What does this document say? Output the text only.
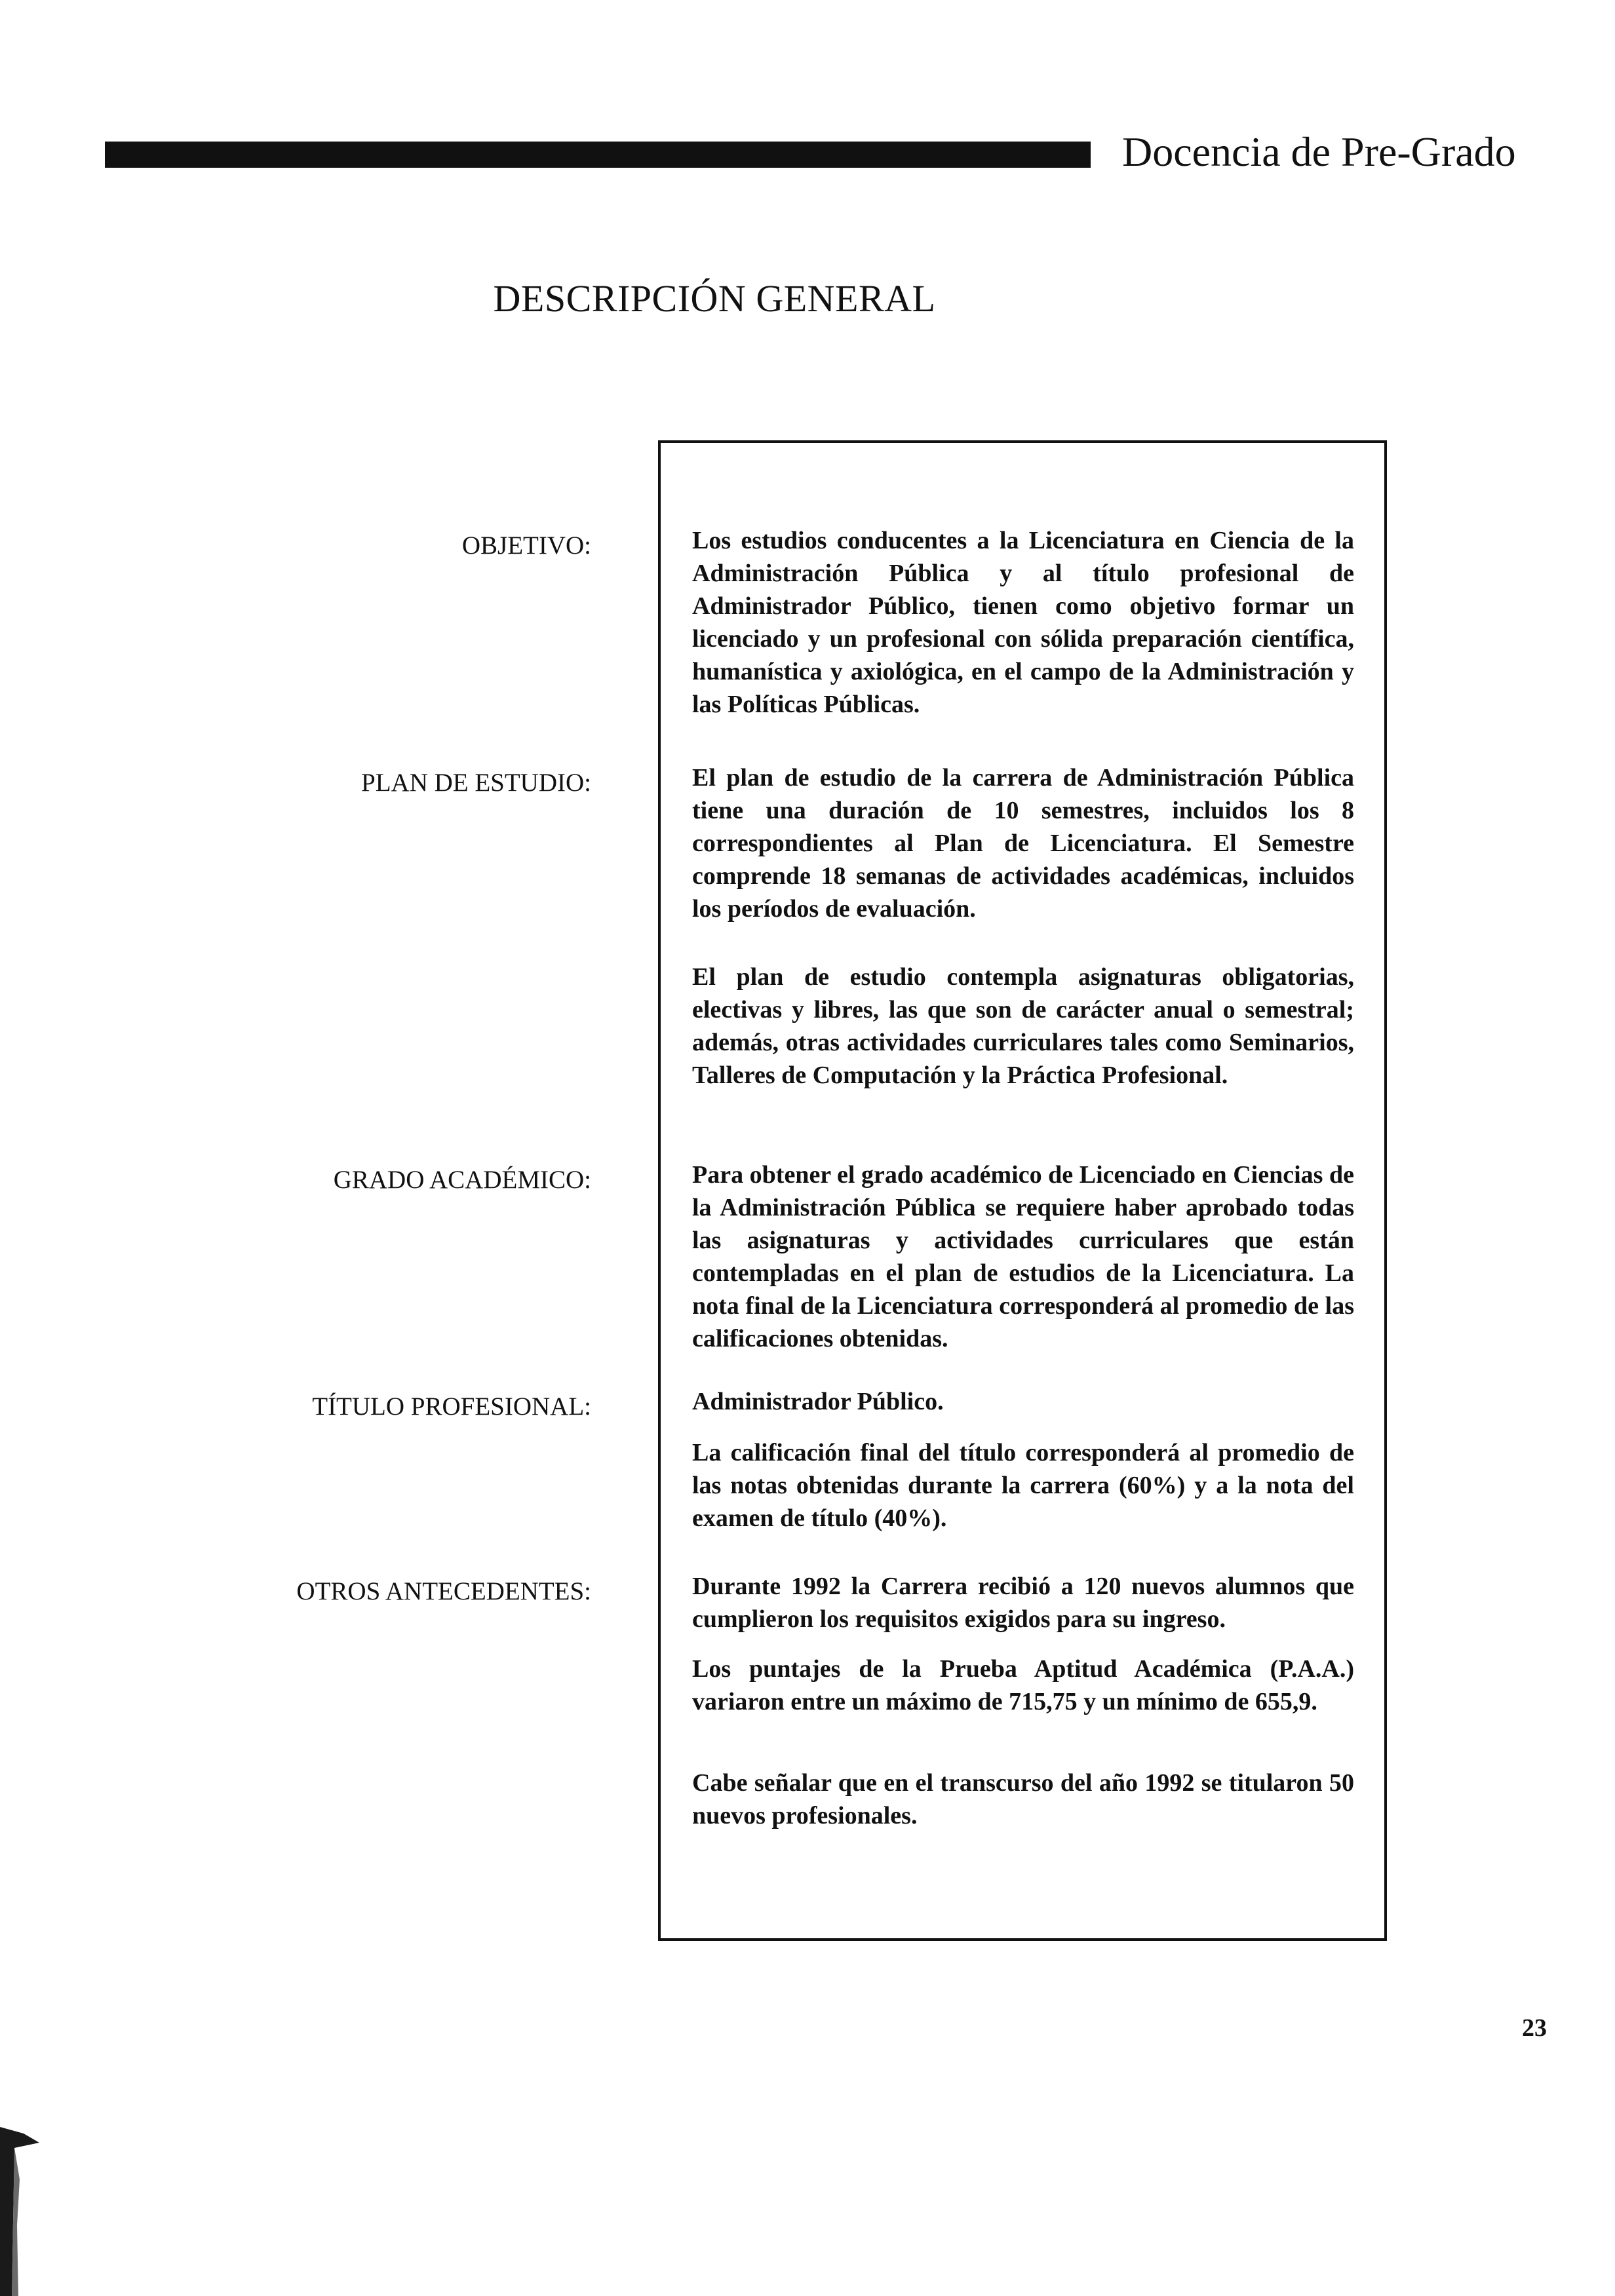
Docencia de Pre-Grado
DESCRIPCIÓN GENERAL
OBJETIVO:	Los estudios conducentes a la Licenciatura en Ciencia de la Administración Pública y al título profesional de Administrador Público, tienen como objetivo formar un licenciado y un profesional con sólida preparación científica, humanística y axiológica, en el campo de la Administración y las Políticas Públicas.
PLAN DE ESTUDIO:	El plan de estudio de la carrera de Administración Pública tiene una duración de 10 semestres, incluidos los 8 correspondientes al Plan de Licenciatura. El Semestre comprende 18 semanas de actividades académicas, incluidos los períodos de evaluación.
El plan de estudio contempla asignaturas obligatorias, electivas y libres, las que son de carácter anual o semestral; además, otras actividades curriculares tales como Seminarios, Talleres de Computación y la Práctica Profesional.
GRADO ACADÉMICO:	Para obtener el grado académico de Licenciado en Ciencias de la Administración Pública se requiere haber aprobado todas las asignaturas y actividades curriculares que están contempladas en el plan de estudios de la Licenciatura. La nota final de la Licenciatura corresponderá al promedio de las calificaciones obtenidas.
TÍTULO PROFESIONAL:	Administrador Público.
La calificación final del título corresponderá al promedio de las notas obtenidas durante la carrera (60%) y a la nota del examen de título (40%).
OTROS ANTECEDENTES:	Durante 1992 la Carrera recibió a 120 nuevos alumnos que cumplieron los requisitos exigidos para su ingreso.
Los puntajes de la Prueba Aptitud Académica (P.A.A.) variaron entre un máximo de 715,75 y un mínimo de 655,9.
Cabe señalar que en el transcurso del año 1992 se titularon 50 nuevos profesionales.
23
